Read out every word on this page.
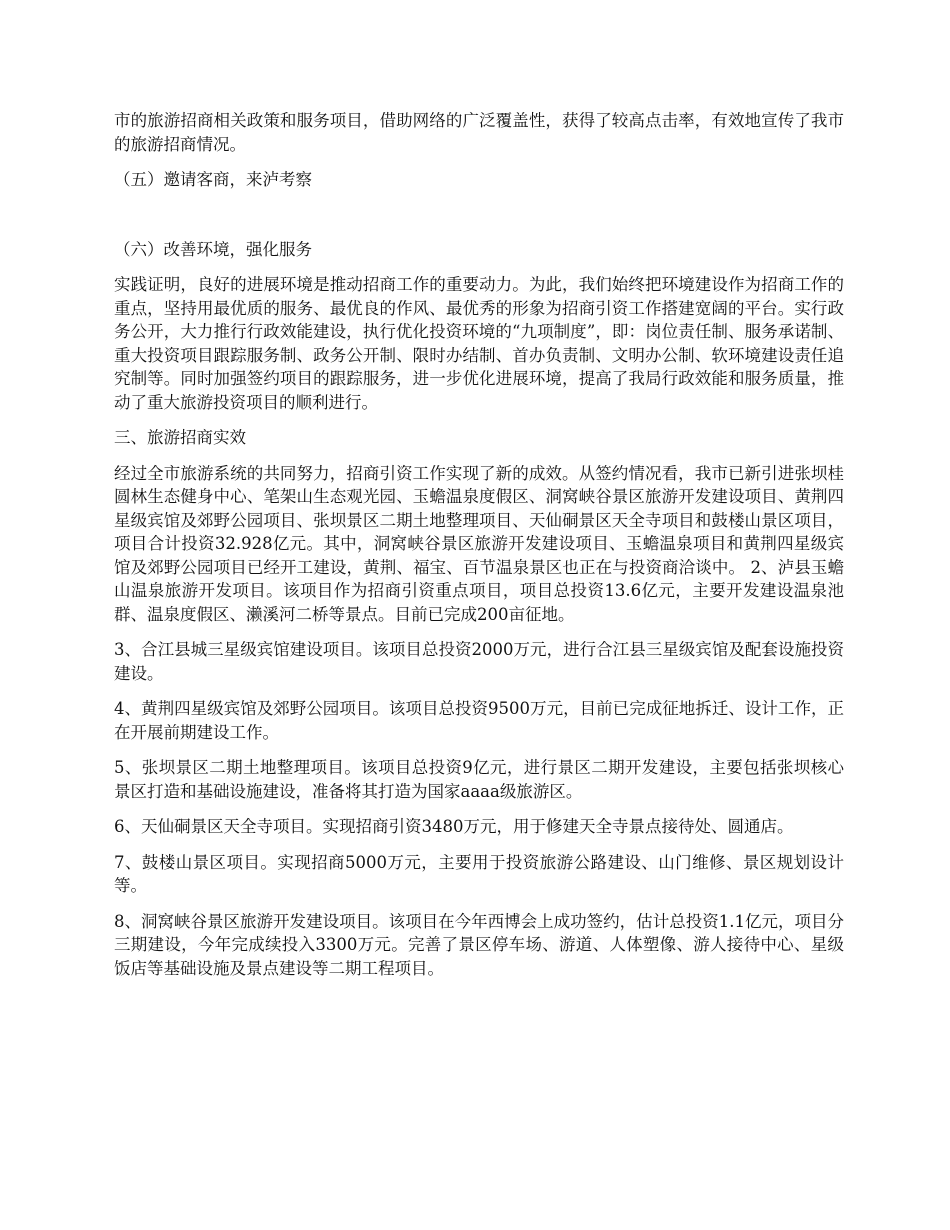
市的旅游招商相关政策和服务项目，借助网络的广泛覆盖性，获得了较高点击率，有效地宣传了我市的旅游招商情况。

（五）邀请客商，来泸考察

（六）改善环境，强化服务

实践证明，良好的进展环境是推动招商工作的重要动力。为此，我们始终把环境建设作为招商工作的重点，坚持用最优质的服务、最优良的作风、最优秀的形象为招商引资工作搭建宽阔的平台。实行政务公开，大力推行行政效能建设，执行优化投资环境的“九项制度”，即：岗位责任制、服务承诺制、重大投资项目跟踪服务制、政务公开制、限时办结制、首办负责制、文明办公制、软环境建设责任追究制等。同时加强签约项目的跟踪服务，进一步优化进展环境，提高了我局行政效能和服务质量，推动了重大旅游投资项目的顺利进行。

三、旅游招商实效

经过全市旅游系统的共同努力，招商引资工作实现了新的成效。从签约情况看，我市已新引进张坝桂圆林生态健身中心、笔架山生态观光园、玉蟾温泉度假区、洞窝峡谷景区旅游开发建设项目、黄荆四星级宾馆及郊野公园项目、张坝景区二期土地整理项目、天仙硐景区天全寺项目和鼓楼山景区项目，项目合计投资32.928亿元。其中，洞窝峡谷景区旅游开发建设项目、玉蟾温泉项目和黄荆四星级宾馆及郊野公园项目已经开工建设，黄荆、福宝、百节温泉景区也正在与投资商洽谈中。 2、泸县玉蟾山温泉旅游开发项目。该项目作为招商引资重点项目，项目总投资13.6亿元，主要开发建设温泉池群、温泉度假区、濑溪河二桥等景点。目前已完成200亩征地。

3、合江县城三星级宾馆建设项目。该项目总投资2000万元，进行合江县三星级宾馆及配套设施投资建设。

4、黄荆四星级宾馆及郊野公园项目。该项目总投资9500万元，目前已完成征地拆迁、设计工作，正在开展前期建设工作。

5、张坝景区二期土地整理项目。该项目总投资9亿元，进行景区二期开发建设，主要包括张坝核心景区打造和基础设施建设，准备将其打造为国家aaaa级旅游区。

6、天仙硐景区天全寺项目。实现招商引资3480万元，用于修建天全寺景点接待处、圆通店。

7、鼓楼山景区项目。实现招商5000万元，主要用于投资旅游公路建设、山门维修、景区规划设计等。

8、洞窝峡谷景区旅游开发建设项目。该项目在今年西博会上成功签约，估计总投资1.1亿元，项目分三期建设，今年完成续投入3300万元。完善了景区停车场、游道、人体塑像、游人接待中心、星级饭店等基础设施及景点建设等二期工程项目。
